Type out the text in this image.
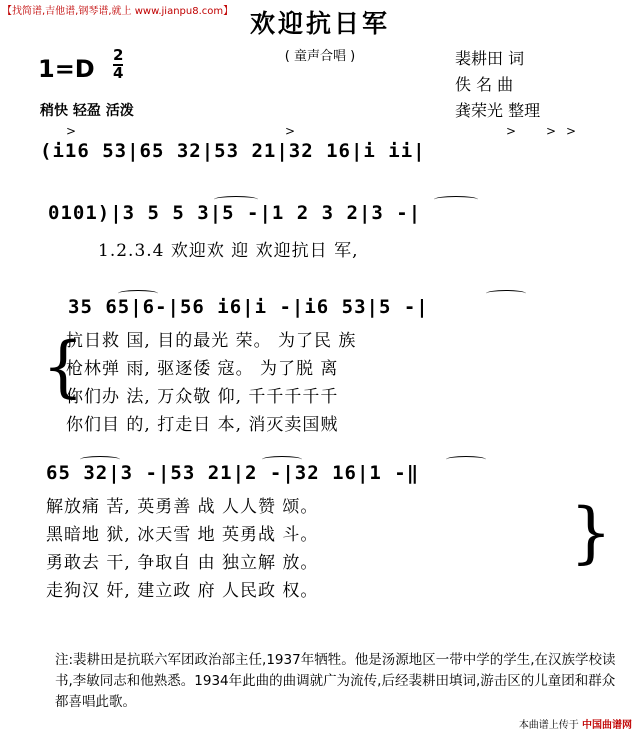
【找简谱,吉他谱,钢琴谱,就上 www.jianpu8.com】 欢迎抗日军
( 童声合唱 )
1=D 2
4
稍快 轻盈 活泼
裴耕田 词
佚 名 曲
龚荣光 整理
(i16 53|65 32|53 21|32 16|i ii|
>	>	> > >
0101)|3 5 5 3|5 -|1 2 3 2|3 -|
1.2.3.4 欢迎欢 迎 欢迎抗日 军,
35 65|6-|56 i6|i -|i6 53|5 -|
{
抗日救 国, 目的最光 荣。 为了民 族
枪林弹 雨, 驱逐倭 寇。 为了脱 离
你们办 法, 万众敬 仰, 千千千千千
你们目 的, 打走日 本, 消灭卖国贼
65 32|3 -|53 21|2 -|32 16|1 -‖
解放痛 苦, 英勇善 战 人人赞 颂。
黑暗地 狱, 冰天雪 地 英勇战 斗。
勇敢去 干, 争取自 由 独立解 放。
走狗汉 奸, 建立政 府 人民政 权。
}
注:裴耕田是抗联六军团政治部主任,1937年牺牲。他是汤源地区一带中学的学生,在汉族学校读书,李敏同志和他熟悉。1934年此曲的曲调就广为流传,后经裴耕田填词,游击区的儿童团和群众都喜唱此歌。
本曲谱上传于 中国曲谱网
